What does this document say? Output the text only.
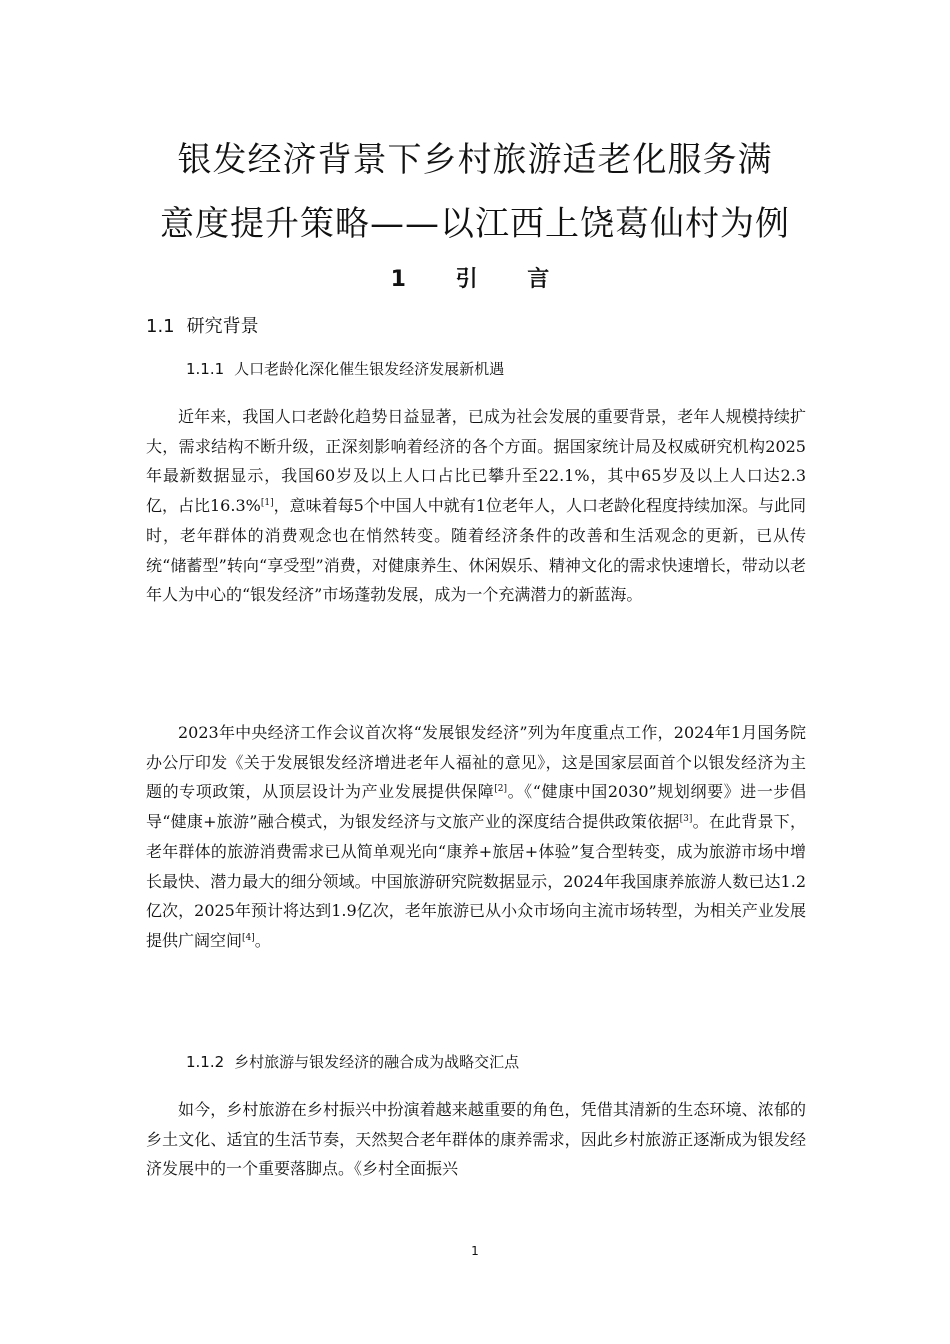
银发经济背景下乡村旅游适老化服务满
意度提升策略——以江西上饶葛仙村为例
1 引 言
1.1 研究背景
1.1.1 人口老龄化深化催生银发经济发展新机遇
近年来，我国人口老龄化趋势日益显著，已成为社会发展的重要背景，老年人规模持续扩大，需求结构不断升级，正深刻影响着经济的各个方面。据国家统计局及权威研究机构2025年最新数据显示，我国60岁及以上人口占比已攀升至22.1%，其中65岁及以上人口达2.3亿，占比16.3%[1]，意味着每5个中国人中就有1位老年人，人口老龄化程度持续加深。与此同时，老年群体的消费观念也在悄然转变。随着经济条件的改善和生活观念的更新，已从传统“储蓄型”转向“享受型”消费，对健康养生、休闲娱乐、精神文化的需求快速增长，带动以老年人为中心的“银发经济”市场蓬勃发展，成为一个充满潜力的新蓝海。
2023年中央经济工作会议首次将“发展银发经济”列为年度重点工作，2024年1月国务院办公厅印发《关于发展银发经济增进老年人福祉的意见》，这是国家层面首个以银发经济为主题的专项政策，从顶层设计为产业发展提供保障[2]。《“健康中国2030”规划纲要》进一步倡导“健康+旅游”融合模式，为银发经济与文旅产业的深度结合提供政策依据[3]。在此背景下，老年群体的旅游消费需求已从简单观光向“康养+旅居+体验”复合型转变，成为旅游市场中增长最快、潜力最大的细分领域。中国旅游研究院数据显示，2024年我国康养旅游人数已达1.2亿次，2025年预计将达到1.9亿次，老年旅游已从小众市场向主流市场转型，为相关产业发展提供广阔空间[4]。
1.1.2 乡村旅游与银发经济的融合成为战略交汇点
如今，乡村旅游在乡村振兴中扮演着越来越重要的角色，凭借其清新的生态环境、浓郁的乡土文化、适宜的生活节奏，天然契合老年群体的康养需求，因此乡村旅游正逐渐成为银发经济发展中的一个重要落脚点。《乡村全面振兴
1
